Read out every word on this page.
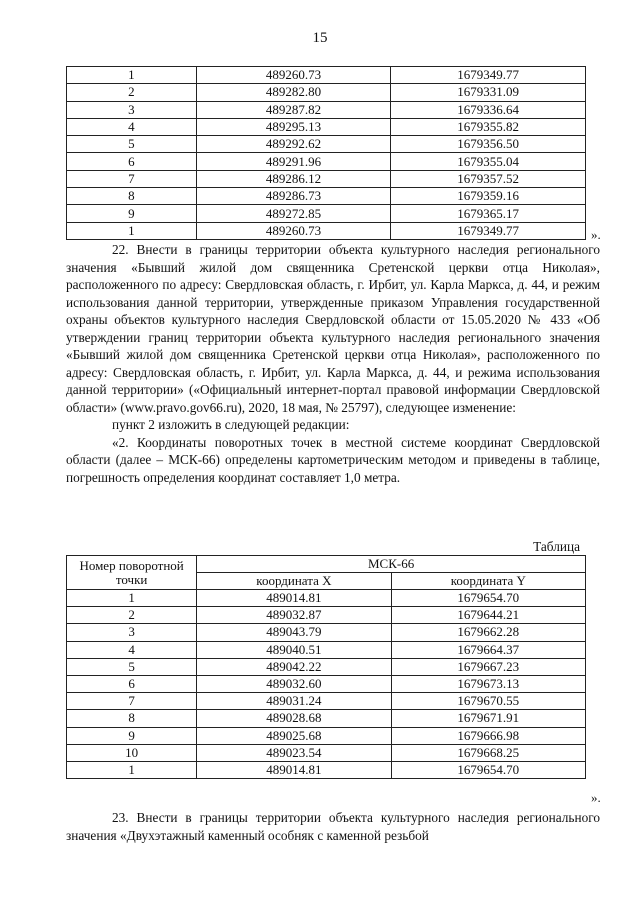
15
1	489260.73	1679349.77
2	489282.80	1679331.09
3	489287.82	1679336.64
4	489295.13	1679355.82
5	489292.62	1679356.50
6	489291.96	1679355.04
7	489286.12	1679357.52
8	489286.73	1679359.16
9	489272.85	1679365.17
1	489260.73	1679349.77	».

22. Внести в границы территории объекта культурного наследия регионального значения «Бывший жилой дом священника Сретенской церкви отца Николая», расположенного по адресу: Свердловская область, г. Ирбит, ул. Карла Маркса, д. 44, и режим использования данной территории, утвержденные приказом Управления государственной охраны объектов культурного наследия Свердловской области от 15.05.2020 № 433 «Об утверждении границ территории объекта культурного наследия регионального значения «Бывший жилой дом священника Сретенской церкви отца Николая», расположенного по адресу: Свердловская область, г. Ирбит, ул. Карла Маркса, д. 44, и режима использования данной территории» («Официальный интернет-портал правовой информации Свердловской области» (www.pravo.gov66.ru), 2020, 18 мая, № 25797), следующее изменение:

пункт 2 изложить в следующей редакции:

«2. Координаты поворотных точек в местной системе координат Свердловской области (далее – МСК-66) определены картометрическим методом и приведены в таблице, погрешность определения координат составляет 1,0 метра.

Таблица
Номер поворотной точки	МСК-66	
	координата X	координата Y
1	489014.81	1679654.70
2	489032.87	1679644.21
3	489043.79	1679662.28
4	489040.51	1679664.37
5	489042.22	1679667.23
6	489032.60	1679673.13
7	489031.24	1679670.55
8	489028.68	1679671.91
9	489025.68	1679666.98
10	489023.54	1679668.25
1	489014.81	1679654.70
».

23. Внести в границы территории объекта культурного наследия регионального значения «Двухэтажный каменный особняк с каменной резьбой
